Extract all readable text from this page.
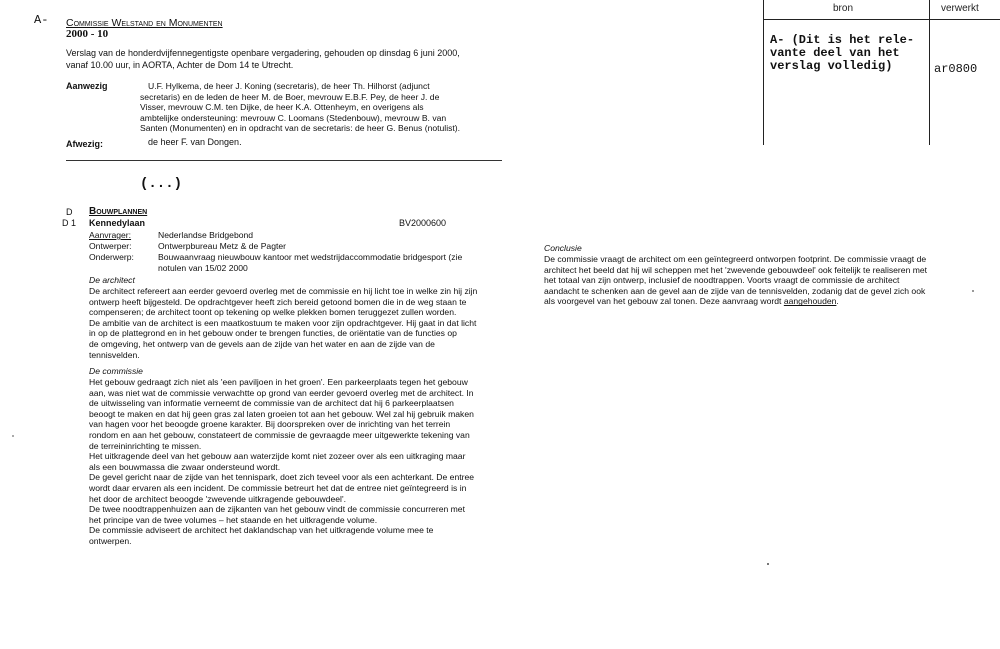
A- Commissie Welstand en Monumenten
2000 - 10
Verslag van de honderdvijfennegentigste openbare vergadering, gehouden op dinsdag 6 juni 2000,
vanaf 10.00 uur, in AORTA, Achter de Dom 14 te Utrecht.
Aanwezig	U.F. Hylkema, de heer J. Koning (secretaris), de heer Th. Hilhorst (adjunct
secretaris) en de leden de heer M. de Boer, mevrouw E.B.F. Pey, de heer J. de
Visser, mevrouw C.M. ten Dijke, de heer K.A. Ottenheym, en overigens als
ambtelijke ondersteuning: mevrouw C. Loomans (Stedenbouw), mevrouw B. van
Santen (Monumenten) en in opdracht van de secretaris: de heer G. Benus (notulist).
Afwezig:	de heer F. van Dongen.
(...)
bron	verwerkt
A- (Dit is het rele-
vante deel van het
verslag volledig)	ar0800
D Bouwplannen
D 1 Kennedylaan	BV2000600
Aanvrager:	Nederlandse Bridgebond
Ontwerper:	Ontwerpbureau Metz & de Pagter
Onderwerp:	Bouwaanvraag nieuwbouw kantoor met wedstrijdaccommodatie bridgesport (zie
notulen van 15/02 2000
De architect
De architect refereert aan eerder gevoerd overleg met de commissie en hij licht toe in welke zin hij zijn
ontwerp heeft bijgesteld. De opdrachtgever heeft zich bereid getoond bomen die in de weg staan te
compenseren; de architect toont op tekening op welke plekken bomen teruggezet zullen worden.
De ambitie van de architect is een maatkostuum te maken voor zijn opdrachtgever. Hij gaat in dat licht
in op de plattegrond en in het gebouw onder te brengen functies, de oriëntatie van de functies op
de omgeving, het ontwerp van de gevels aan de zijde van het water en aan de zijde van de
tennisvelden.
De commissie
Het gebouw gedraagt zich niet als 'een paviljoen in het groen'. Een parkeerplaats tegen het gebouw
aan, was niet wat de commissie verwachtte op grond van eerder gevoerd overleg met de architect. In
de uitwisseling van informatie verneemt de commissie van de architect dat hij 6 parkeerplaatsen
beoogt te maken en dat hij geen gras zal laten groeien tot aan het gebouw. Wel zal hij gebruik maken
van hagen voor het beoogde groene karakter. Bij doorspreken over de inrichting van het terrein
rondom en aan het gebouw, constateert de commissie de gevraagde meer uitgewerkte tekening van
de terreininrichting te missen.
Het uitkragende deel van het gebouw aan waterzijde komt niet zozeer over als een uitkraging maar
als een bouwmassa die zwaar ondersteund wordt.
De gevel gericht naar de zijde van het tennispark, doet zich teveel voor als een achterkant. De entree
wordt daar ervaren als een incident. De commissie betreurt het dat de entree niet geïntegreerd is in
het door de architect beoogde 'zwevende uitkragende gebouwdeel'.
De twee noodtrappenhuizen aan de zijkanten van het gebouw vindt de commissie concurreren met
het principe van de twee volumes – het staande en het uitkragende volume.
De commissie adviseert de architect het daklandschap van het uitkragende volume mee te
ontwerpen.
Conclusie
De commissie vraagt de architect om een geïntegreerd ontworpen footprint. De commissie vraagt de
architect het beeld dat hij wil scheppen met het 'zwevende gebouwdeel' ook feitelijk te realiseren met
het totaal van zijn ontwerp, inclusief de noodtrappen. Voorts vraagt de commissie de architect
aandacht te schenken aan de gevel aan de zijde van de tennisvelden, zodanig dat de gevel zich ook
als voorgevel van het gebouw zal tonen. Deze aanvraag wordt aangehouden.
